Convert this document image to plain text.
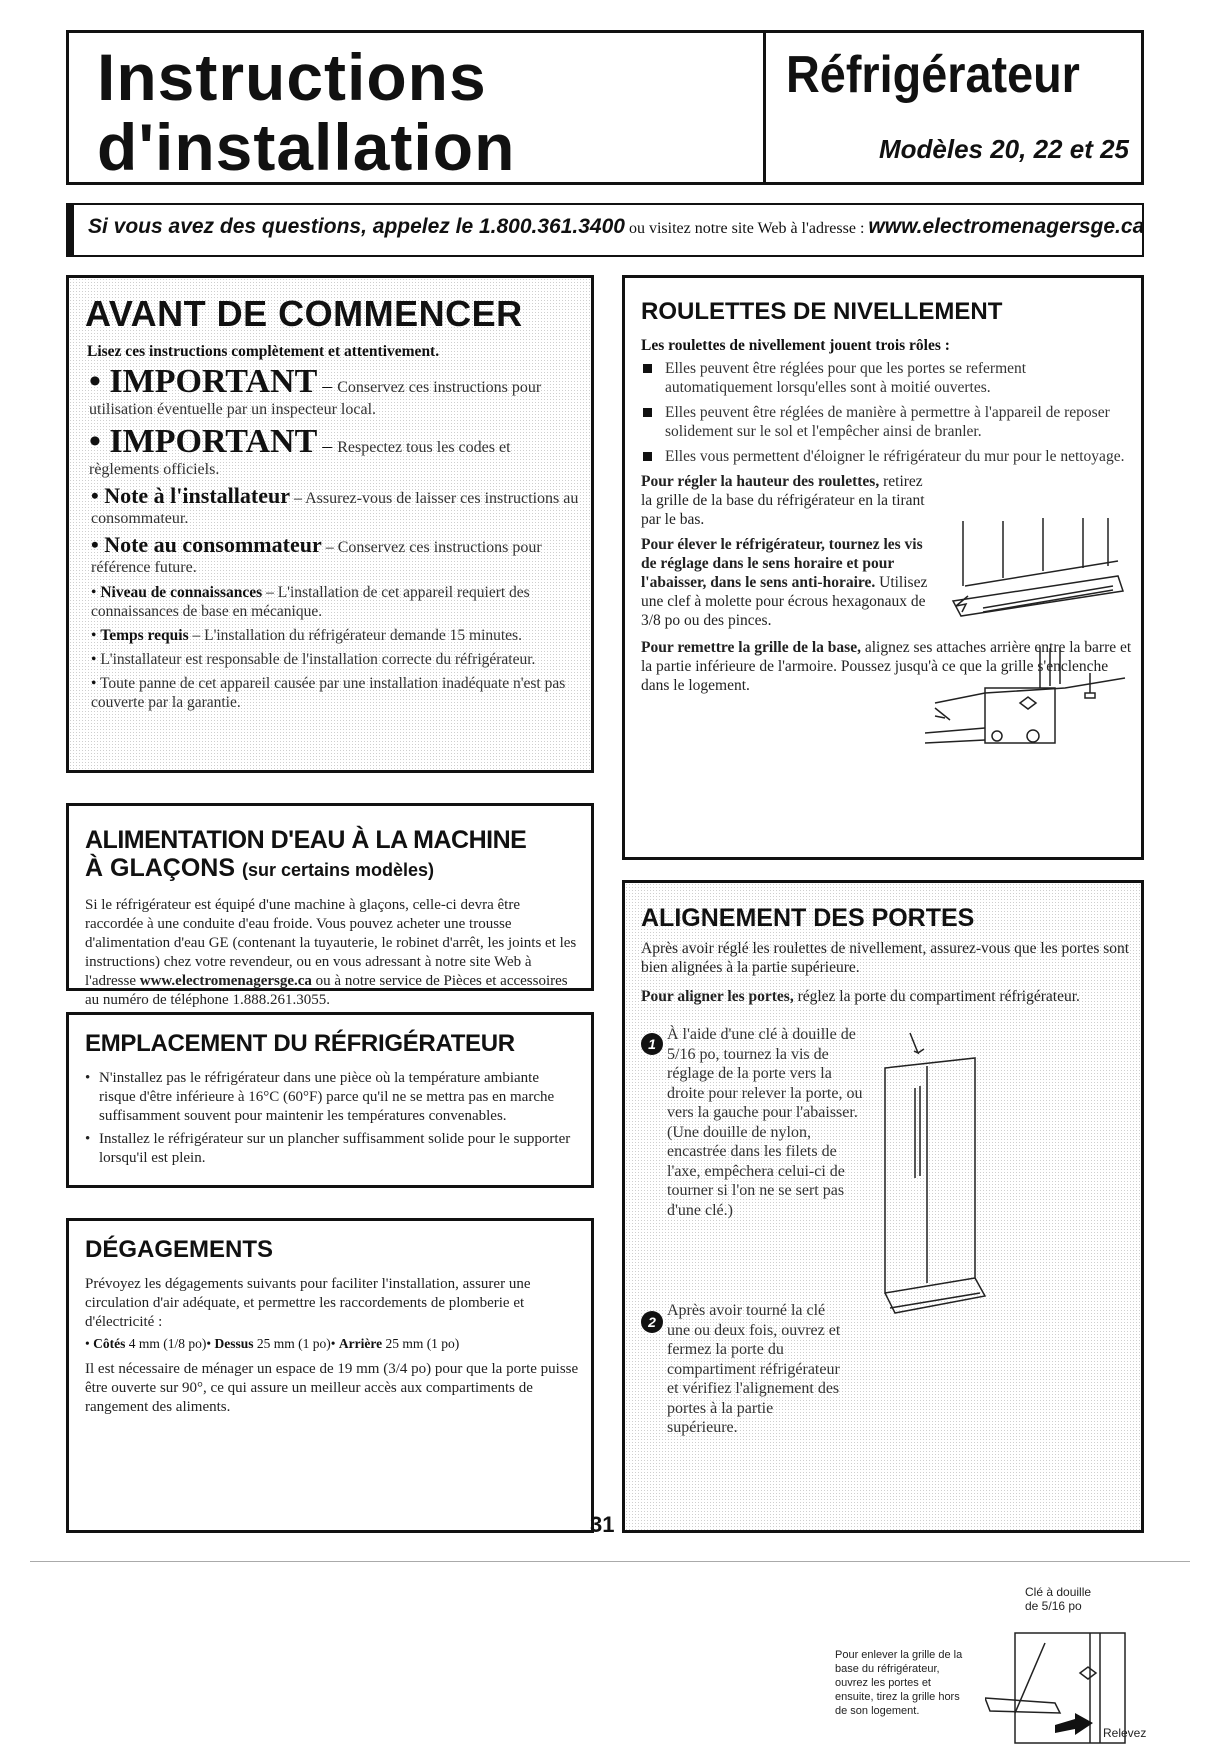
Instructions
d'installation
Réfrigérateur
Modèles 20, 22 et 25
Si vous avez des questions, appelez le 1.800.361.3400 ou visitez notre site Web à l'adresse : www.electromenagersge.ca
AVANT DE COMMENCER

Lisez ces instructions complètement et attentivement.

• IMPORTANT – Conservez ces instructions pour utilisation éventuelle par un inspecteur local.
• IMPORTANT – Respectez tous les codes et règlements officiels.
• Note à l'installateur – Assurez-vous de laisser ces instructions au consommateur.
• Note au consommateur – Conservez ces instructions pour référence future.
• Niveau de connaissances – L'installation de cet appareil requiert des connaissances de base en mécanique.
• Temps requis – L'installation du réfrigérateur demande 15 minutes.
• L'installateur est responsable de l'installation correcte du réfrigérateur.
• Toute panne de cet appareil causée par une installation inadéquate n'est pas couverte par la garantie.
ALIMENTATION D'EAU À LA MACHINE
À GLAÇONS (sur certains modèles)

Si le réfrigérateur est équipé d'une machine à glaçons, celle-ci devra être raccordée à une conduite d'eau froide. Vous pouvez acheter une trousse d'alimentation d'eau GE (contenant la tuyauterie, le robinet d'arrêt, les joints et les instructions) chez votre revendeur, ou en vous adressant à notre site Web à l'adresse www.electromenagersge.ca ou à notre service de Pièces et accessoires au numéro de téléphone 1.888.261.3055.

EMPLACEMENT DU RÉFRIGÉRATEUR
• N'installez pas le réfrigérateur dans une pièce où la température ambiante risque d'être inférieure à 16°C (60°F) parce qu'il ne se mettra pas en marche suffisamment souvent pour maintenir les températures convenables.
• Installez le réfrigérateur sur un plancher suffisamment solide pour le supporter lorsqu'il est plein.
DÉGAGEMENTS

Prévoyez les dégagements suivants pour faciliter l'installation, assurer une circulation d'air adéquate, et permettre les raccordements de plomberie et d'électricité :

• Côtés 4 mm (1/8 po)• Dessus 25 mm (1 po)• Arrière 25 mm (1 po)

Il est nécessaire de ménager un espace de 19 mm (3/4 po) pour que la porte puisse être ouverte sur 90°, ce qui assure un meilleur accès aux compartiments de rangement des aliments.

ROULETTES DE NIVELLEMENT

Les roulettes de nivellement jouent trois rôles :

Elles peuvent être réglées pour que les portes se referment automatiquement lorsqu'elles sont à moitié ouvertes.
Elles peuvent être réglées de manière à permettre à l'appareil de reposer solidement sur le sol et l'empêcher ainsi de branler.
Elles vous permettent d'éloigner le réfrigérateur du mur pour le nettoyage.

Pour régler la hauteur des roulettes, retirez la grille de la base du réfrigérateur en la tirant par le bas.

Pour élever le réfrigérateur, tournez les vis de réglage dans le sens horaire et pour l'abaisser, dans le sens anti-horaire. Utilisez une clef à molette pour écrous hexagonaux de 3/8 po ou des pinces.

Pour remettre la grille de la base, alignez ses attaches arrière entre la barre et la partie inférieure de l'armoire. Poussez jusqu'à ce que la grille s'enclenche dans le logement.

ALIGNEMENT DES PORTES

Après avoir réglé les roulettes de nivellement, assurez-vous que les portes sont bien alignées à la partie supérieure.

Pour aligner les portes, réglez la porte du compartiment réfrigérateur.

1

À l'aide d'une clé à douille de 5/16 po, tournez la vis de réglage de la porte vers la droite pour relever la porte, ou vers la gauche pour l'abaisser. (Une douille de nylon, encastrée dans les filets de l'axe, empêchera celui-ci de tourner si l'on ne se sert pas d'une clé.)

2

Après avoir tourné la clé une ou deux fois, ouvrez et fermez la porte du compartiment réfrigérateur et vérifiez l'alignement des portes à la partie supérieure.

Clé à douille de 5/16 po
Relevez
Pour enlever la grille de la base du réfrigérateur, ouvrez les portes et ensuite, tirez la grille hors de son logement.
31
